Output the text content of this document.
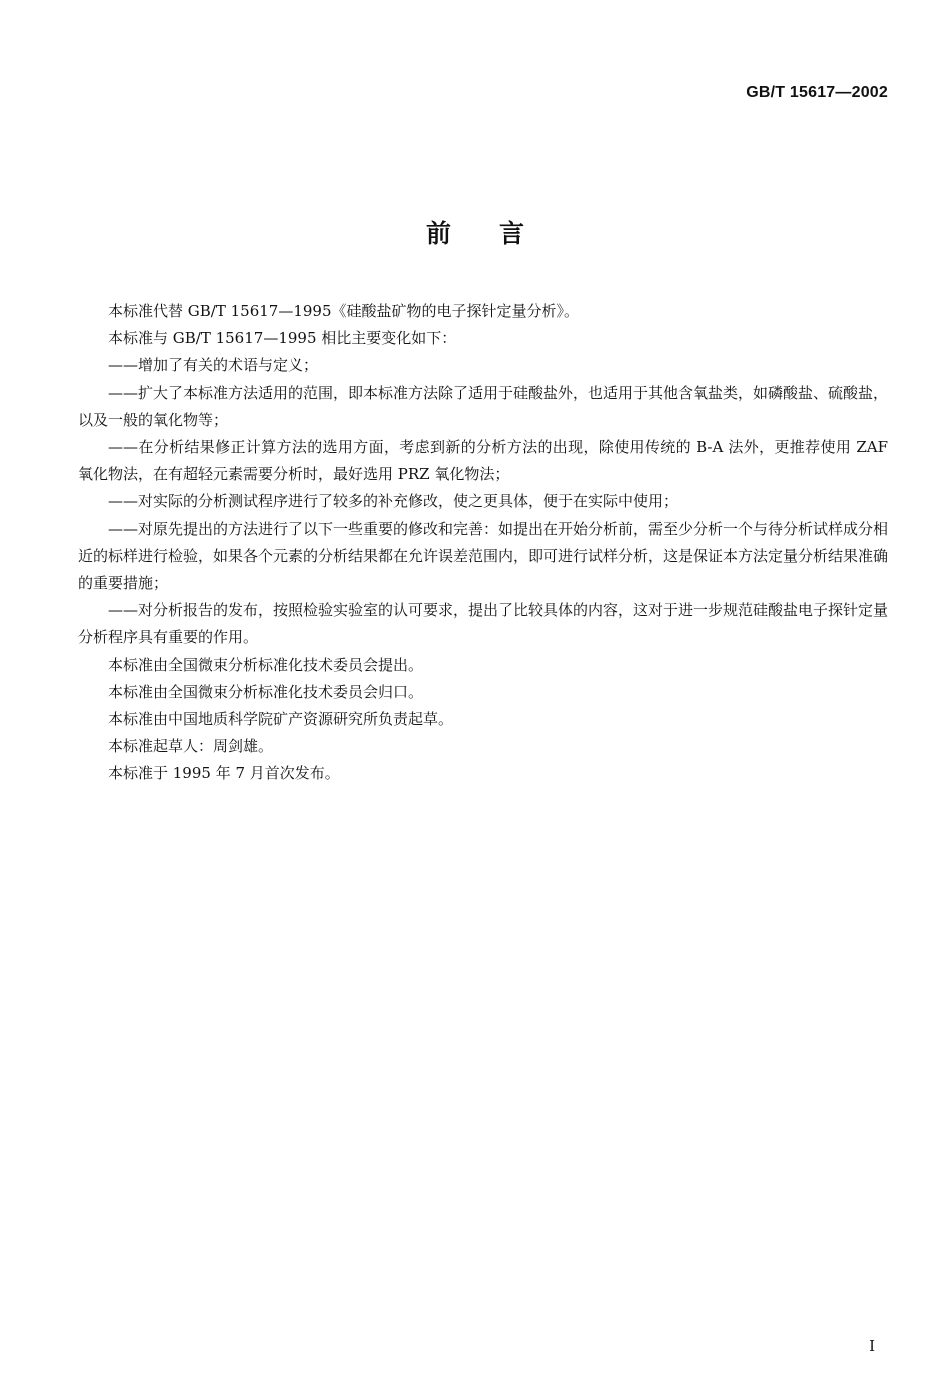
GB/T 15617—2002
前言

本标准代替 GB/T 15617—1995《硅酸盐矿物的电子探针定量分析》。

本标准与 GB/T 15617—1995 相比主要变化如下：

——增加了有关的术语与定义；

——扩大了本标准方法适用的范围，即本标准方法除了适用于硅酸盐外，也适用于其他含氧盐类，如磷酸盐、硫酸盐，以及一般的氧化物等；

——在分析结果修正计算方法的选用方面，考虑到新的分析方法的出现，除使用传统的 B-A 法外，更推荐使用 ZAF 氧化物法，在有超轻元素需要分析时，最好选用 PRZ 氧化物法；

——对实际的分析测试程序进行了较多的补充修改，使之更具体，便于在实际中使用；

——对原先提出的方法进行了以下一些重要的修改和完善：如提出在开始分析前，需至少分析一个与待分析试样成分相近的标样进行检验，如果各个元素的分析结果都在允许误差范围内，即可进行试样分析，这是保证本方法定量分析结果准确的重要措施；

——对分析报告的发布，按照检验实验室的认可要求，提出了比较具体的内容，这对于进一步规范硅酸盐电子探针定量分析程序具有重要的作用。

本标准由全国微束分析标准化技术委员会提出。

本标准由全国微束分析标准化技术委员会归口。

本标准由中国地质科学院矿产资源研究所负责起草。

本标准起草人：周剑雄。

本标准于 1995 年 7 月首次发布。

I
